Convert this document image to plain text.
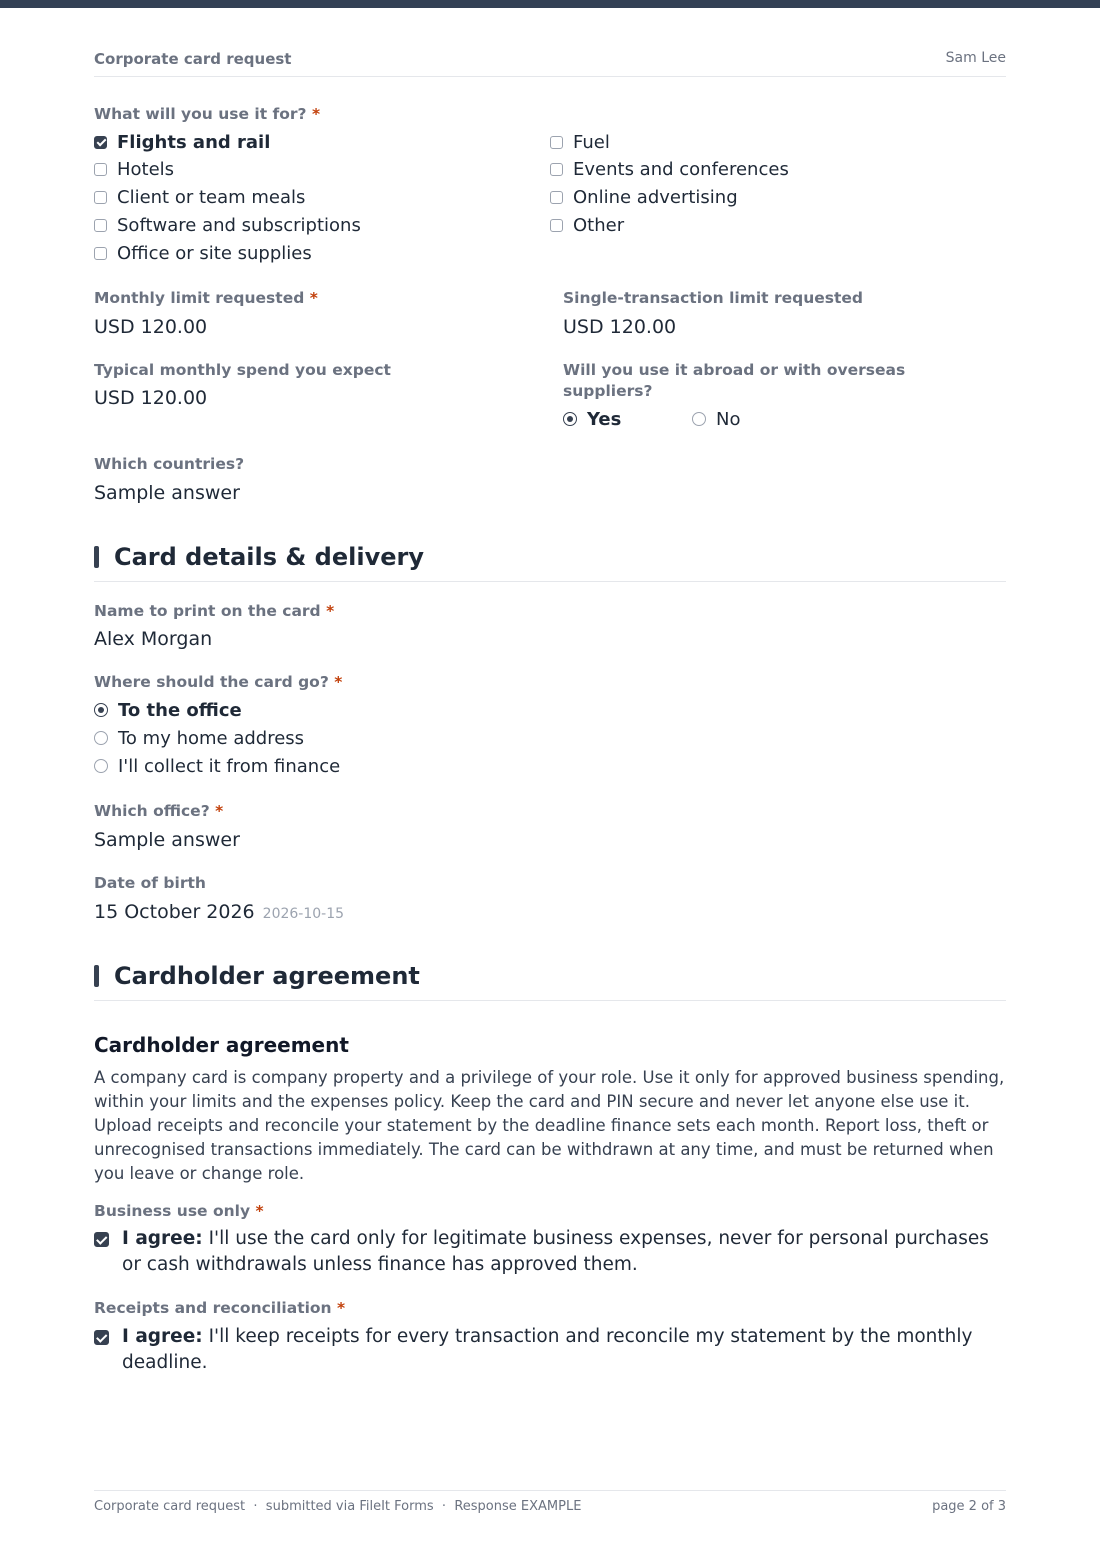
Corporate card request	Sam Lee
What will you use it for? *
Flights and rail
Hotels
Client or team meals
Software and subscriptions
Office or site supplies
Fuel
Events and conferences
Online advertising
Other
Monthly limit requested *
USD 120.00
Single-transaction limit requested
USD 120.00
Typical monthly spend you expect
USD 120.00
Will you use it abroad or with overseas suppliers?
Yes	No
Which countries?
Sample answer
Card details & delivery
Name to print on the card *
Alex Morgan
Where should the card go? *
To the office
To my home address
I'll collect it from finance
Which office? *
Sample answer
Date of birth
15 October 2026 2026-10-15
Cardholder agreement
Cardholder agreement
A company card is company property and a privilege of your role. Use it only for approved business spending, within your limits and the expenses policy. Keep the card and PIN secure and never let anyone else use it. Upload receipts and reconcile your statement by the deadline finance sets each month. Report loss, theft or unrecognised transactions immediately. The card can be withdrawn at any time, and must be returned when you leave or change role.
Business use only *
I agree: I'll use the card only for legitimate business expenses, never for personal purchases or cash withdrawals unless finance has approved them.
Receipts and reconciliation *
I agree: I'll keep receipts for every transaction and reconcile my statement by the monthly deadline.
Corporate card request  ·  submitted via FileIt Forms  ·  Response EXAMPLE	page 2 of 3
